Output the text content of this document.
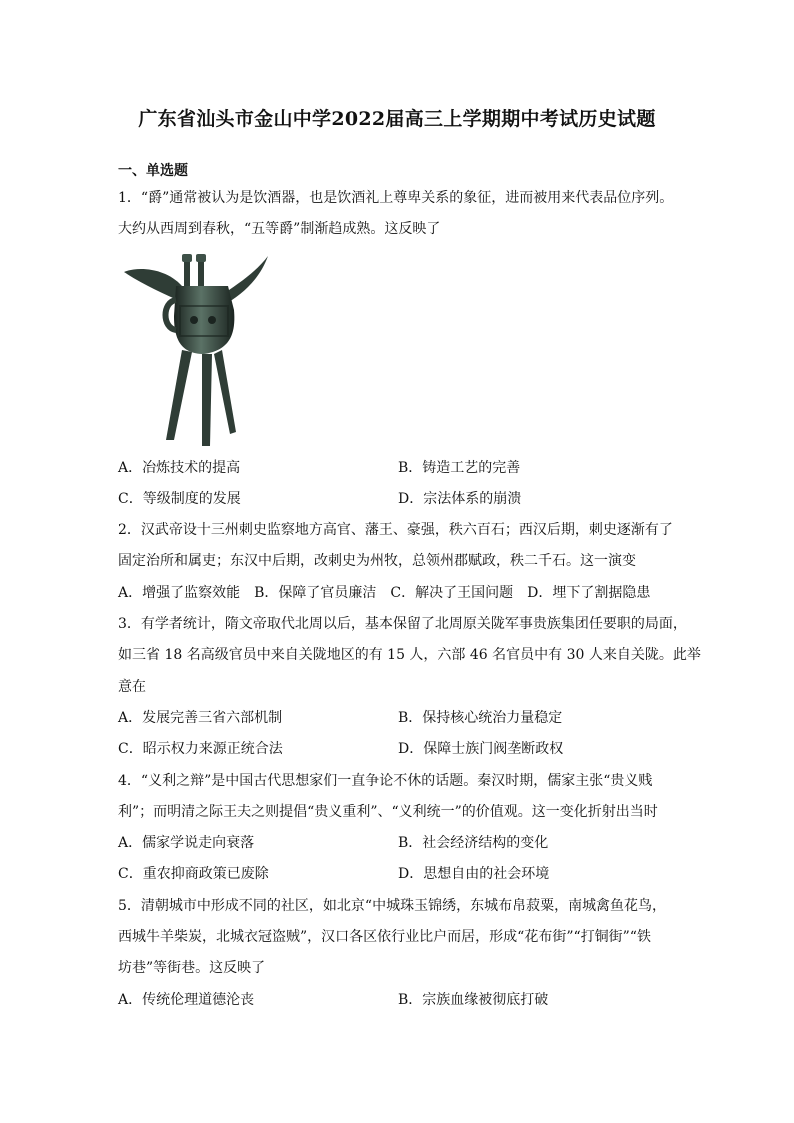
广东省汕头市金山中学2022届高三上学期期中考试历史试题
一、单选题
1．“爵”通常被认为是饮酒器，也是饮酒礼上尊卑关系的象征，进而被用来代表品位序列。
大约从西周到春秋，“五等爵”制渐趋成熟。这反映了
A．冶炼技术的提高	B．铸造工艺的完善
C．等级制度的发展	D．宗法体系的崩溃
2．汉武帝设十三州刺史监察地方高官、藩王、豪强，秩六百石；西汉后期，刺史逐渐有了
固定治所和属吏；东汉中后期，改刺史为州牧，总领州郡赋政，秩二千石。这一演变
A．增强了监察效能　B．保障了官员廉洁　C．解决了王国问题　D．埋下了割据隐患
3．有学者统计，隋文帝取代北周以后，基本保留了北周原关陇军事贵族集团任要职的局面，
如三省 18 名高级官员中来自关陇地区的有 15 人，六部 46 名官员中有 30 人来自关陇。此举
意在
A．发展完善三省六部机制	B．保持核心统治力量稳定
C．昭示权力来源正统合法	D．保障士族门阀垄断政权
4．“义利之辩”是中国古代思想家们一直争论不休的话题。秦汉时期，儒家主张“贵义贱
利”；而明清之际王夫之则提倡“贵义重利”、“义利统一”的价值观。这一变化折射出当时
A．儒家学说走向衰落	B．社会经济结构的变化
C．重农抑商政策已废除	D．思想自由的社会环境
5．清朝城市中形成不同的社区，如北京“中城珠玉锦绣，东城布帛菽粟，南城禽鱼花鸟，
西城牛羊柴炭，北城衣冠盗贼”，汉口各区依行业比户而居，形成“花布街”“打铜街”“铁
坊巷”等街巷。这反映了
A．传统伦理道德沦丧	B．宗族血缘被彻底打破
